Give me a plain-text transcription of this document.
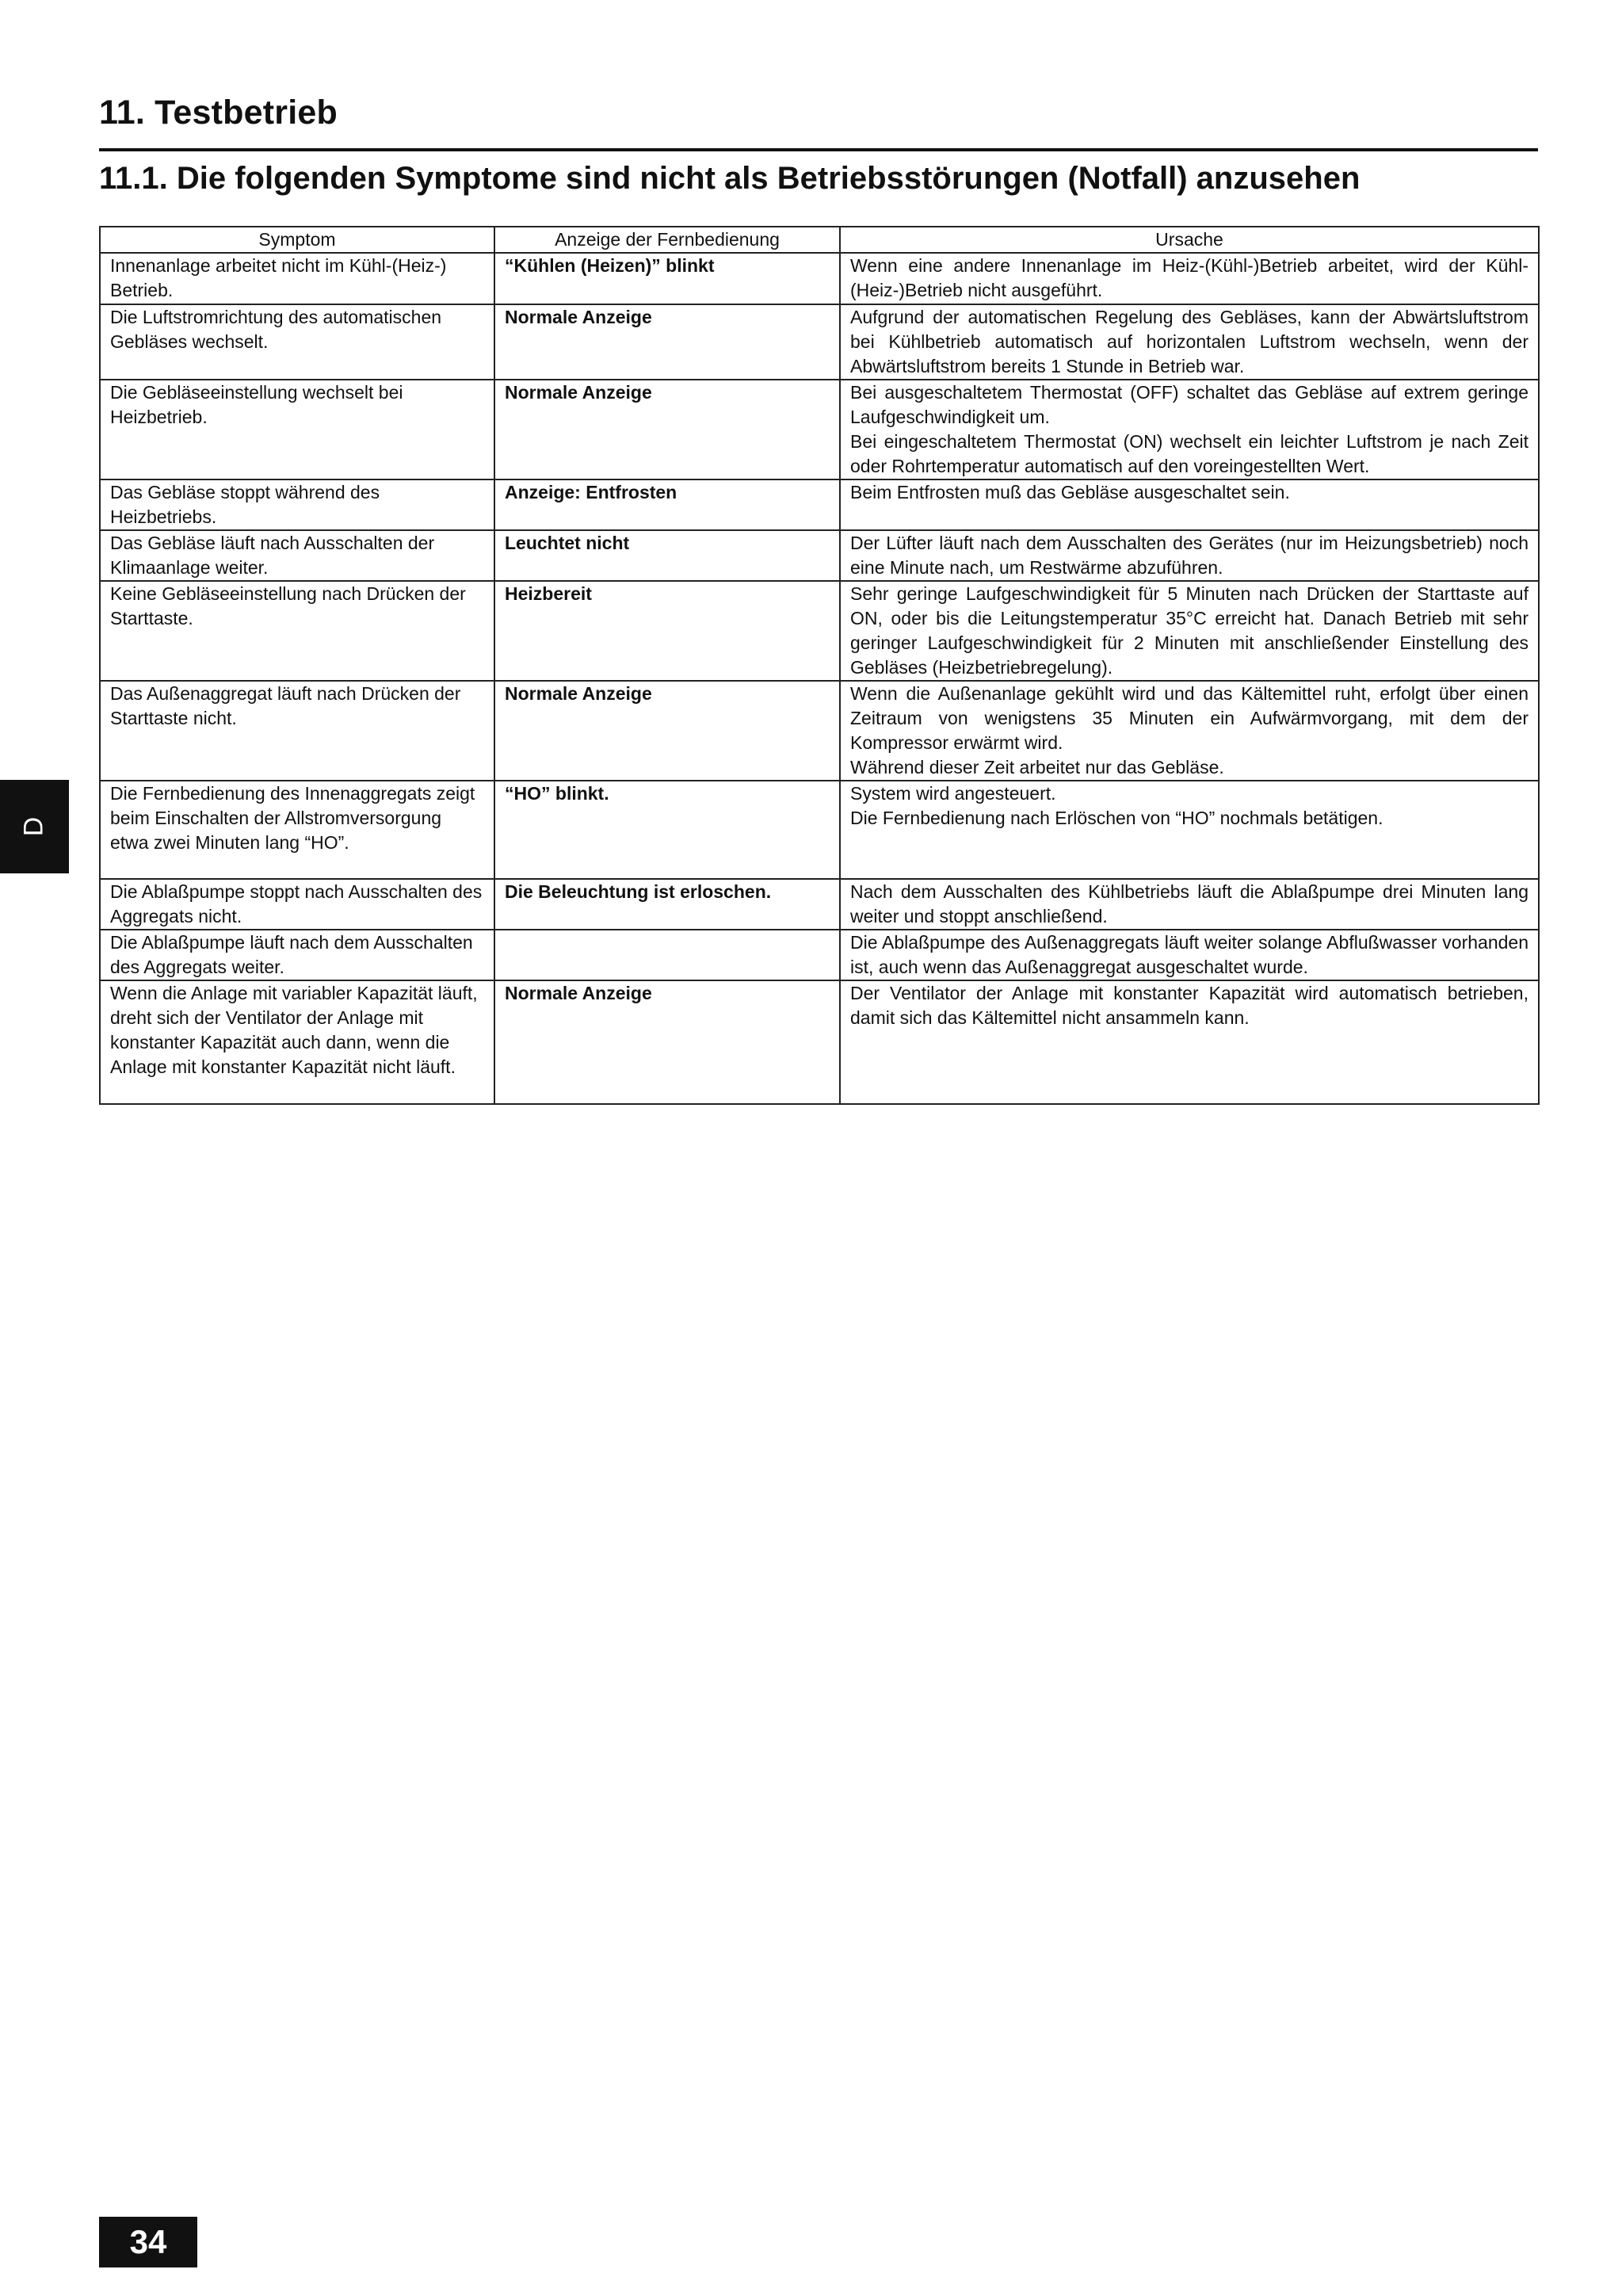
11. Testbetrieb
11.1. Die folgenden Symptome sind nicht als Betriebsstörungen (Notfall) anzusehen
Symptom	Anzeige der Fernbedienung	Ursache
Innenanlage arbeitet nicht im Kühl-(Heiz-) Betrieb.	“Kühlen (Heizen)” blinkt	Wenn eine andere Innenanlage im Heiz-(Kühl-)Betrieb arbeitet, wird der Kühl-(Heiz-)Betrieb nicht ausgeführt.

Die Luftstromrichtung des automatischen Gebläses wechselt.	Normale Anzeige	Aufgrund der automatischen Regelung des Gebläses, kann der Abwärtsluftstrom bei Kühlbetrieb automatisch auf horizontalen Luftstrom wechseln, wenn der Abwärtsluftstrom bereits 1 Stunde in Betrieb war.

Die Gebläseeinstellung wechselt bei Heizbetrieb.	Normale Anzeige	Bei ausgeschaltetem Thermostat (OFF) schaltet das Gebläse auf extrem geringe Laufgeschwindigkeit um.
Bei eingeschaltetem Thermostat (ON) wechselt ein leichter Luftstrom je nach Zeit oder Rohrtemperatur automatisch auf den voreingestellten Wert.

Das Gebläse stoppt während des Heizbetriebs.	Anzeige: Entfrosten	Beim Entfrosten muß das Gebläse ausgeschaltet sein.

Das Gebläse läuft nach Ausschalten der Klimaanlage weiter.	Leuchtet nicht	Der Lüfter läuft nach dem Ausschalten des Gerätes (nur im Heizungsbetrieb) noch eine Minute nach, um Restwärme abzuführen.

Keine Gebläseeinstellung nach Drücken der Starttaste.	Heizbereit	Sehr geringe Laufgeschwindigkeit für 5 Minuten nach Drücken der Starttaste auf ON, oder bis die Leitungstemperatur 35°C erreicht hat. Danach Betrieb mit sehr geringer Laufgeschwindigkeit für 2 Minuten mit anschließender Einstellung des Gebläses (Heizbetriebregelung).

Das Außenaggregat läuft nach Drücken der Starttaste nicht.	Normale Anzeige	Wenn die Außenanlage gekühlt wird und das Kältemittel ruht, erfolgt über einen Zeitraum von wenigstens 35 Minuten ein Aufwärmvorgang, mit dem der Kompressor erwärmt wird.
Während dieser Zeit arbeitet nur das Gebläse.

Die Fernbedienung des Innenaggregats zeigt beim Einschalten der Allstromversorgung etwa zwei Minuten lang “HO”.	“HO” blinkt.	System wird angesteuert.
Die Fernbedienung nach Erlöschen von “HO” nochmals betätigen.

Die Ablaßpumpe stoppt nach Ausschalten des Aggregats nicht.	Die Beleuchtung ist erloschen.	Nach dem Ausschalten des Kühlbetriebs läuft die Ablaßpumpe drei Minuten lang weiter und stoppt anschließend.

Die Ablaßpumpe läuft nach dem Ausschalten des Aggregats weiter.		Die Ablaßpumpe des Außenaggregats läuft weiter solange Abflußwasser vorhanden ist, auch wenn das Außenaggregat ausgeschaltet wurde.

Wenn die Anlage mit variabler Kapazität läuft, dreht sich der Ventilator der Anlage mit konstanter Kapazität auch dann, wenn die Anlage mit konstanter Kapazität nicht läuft.	Normale Anzeige	Der Ventilator der Anlage mit konstanter Kapazität wird automatisch betrieben, damit sich das Kältemittel nicht ansammeln kann.
D
34
